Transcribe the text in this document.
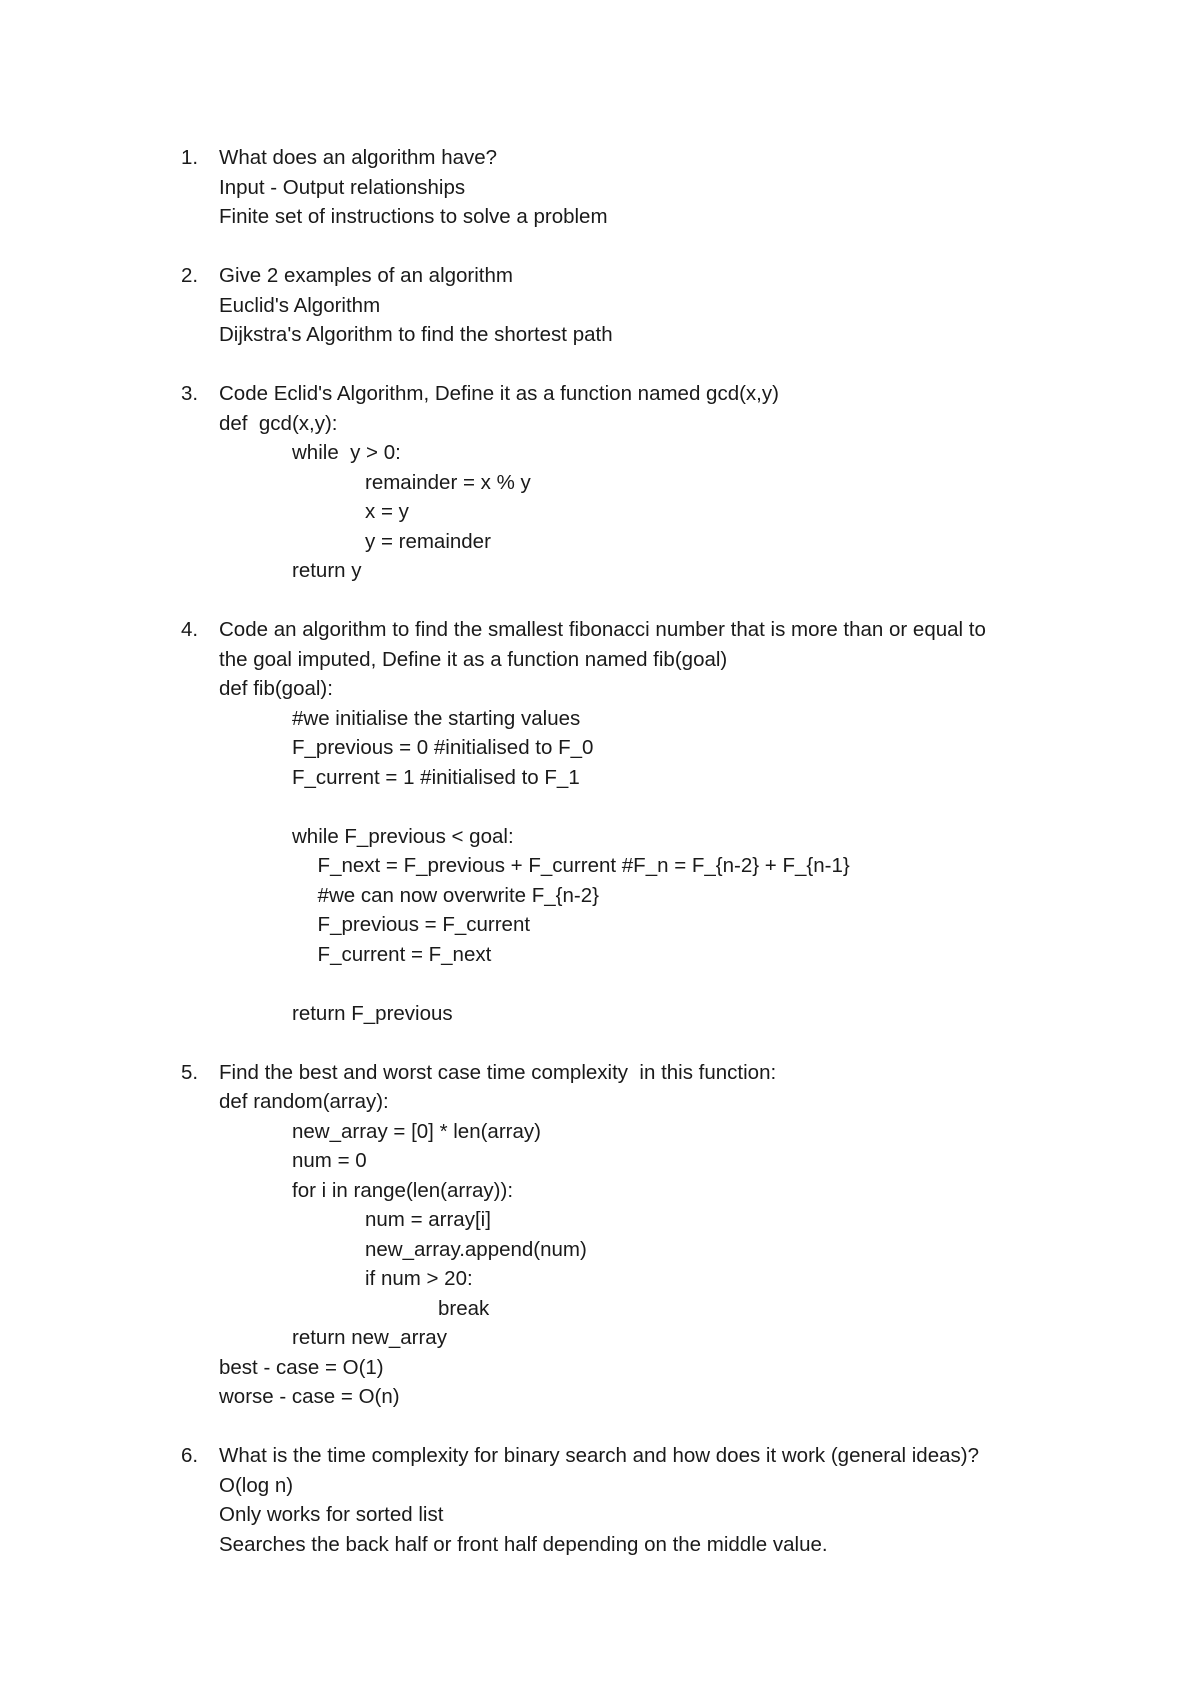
1. What does an algorithm have?
Input - Output relationships
Finite set of instructions to solve a problem
2. Give 2 examples of an algorithm
Euclid's Algorithm
Dijkstra's Algorithm to find the shortest path
3. Code Eclid's Algorithm, Define it as a function named gcd(x,y)
def  gcd(x,y):
while  y > 0:
remainder = x % y
x = y
y = remainder
return y
4. Code an algorithm to find the smallest fibonacci number that is more than or equal to
the goal imputed, Define it as a function named fib(goal)
def fib(goal):
#we initialise the starting values
F_previous = 0 #initialised to F_0
F_current = 1 #initialised to F_1
while F_previous < goal:
F_next = F_previous + F_current #F_n = F_{n-2} + F_{n-1}
#we can now overwrite F_{n-2}
F_previous = F_current
F_current = F_next
return F_previous
5. Find the best and worst case time complexity  in this function:
def random(array):
new_array = [0] * len(array)
num = 0
for i in range(len(array)):
num = array[i]
new_array.append(num)
if num > 20:
break
return new_array
best - case = O(1)
worse - case = O(n)
6. What is the time complexity for binary search and how does it work (general ideas)?
O(log n)
Only works for sorted list
Searches the back half or front half depending on the middle value.
